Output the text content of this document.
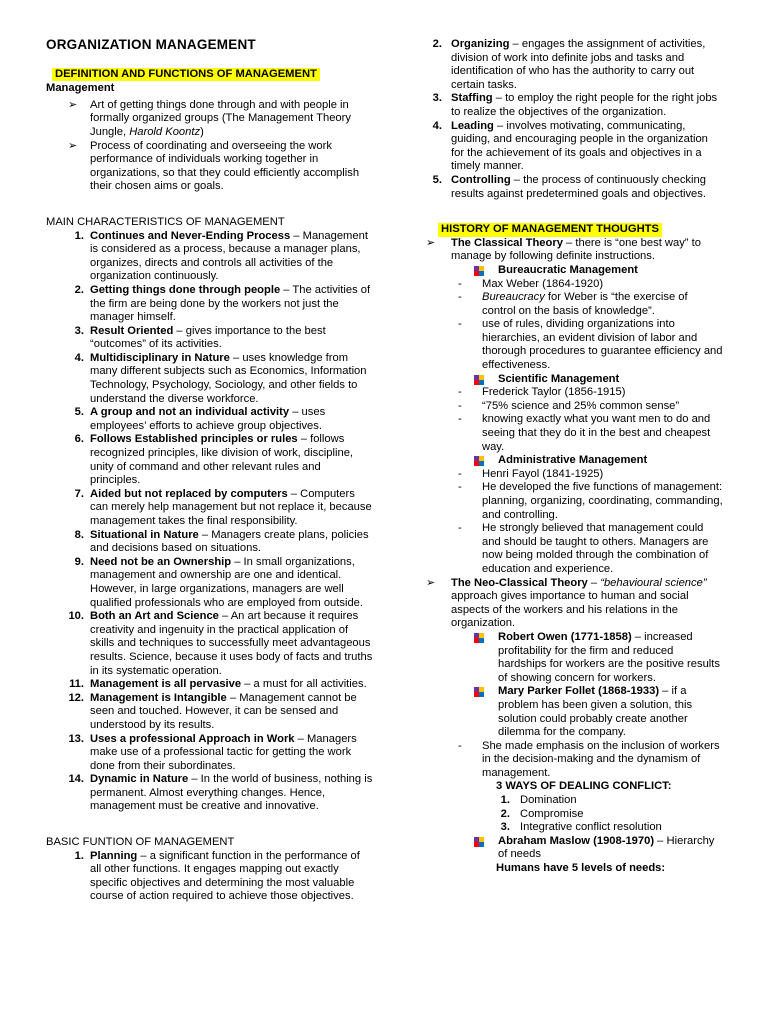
ORGANIZATION MANAGEMENT
DEFINITION AND FUNCTIONS OF MANAGEMENT
Management
➢ Art of getting things done through and with people in formally organized groups (The Management Theory Jungle, Harold Koontz)
➢ Process of coordinating and overseeing the work performance of individuals working together in organizations, so that they could efficiently accomplish their chosen aims or goals.
MAIN CHARACTERISTICS OF MANAGEMENT
1. Continues and Never-Ending Process – Management is considered as a process, because a manager plans, organizes, directs and controls all activities of the organization continuously.
2. Getting things done through people – The activities of the firm are being done by the workers not just the manager himself.
3. Result Oriented – gives importance to the best “outcomes” of its activities.
4. Multidisciplinary in Nature – uses knowledge from many different subjects such as Economics, Information Technology, Psychology, Sociology, and other fields to understand the diverse workforce.
5. A group and not an individual activity – uses employees’ efforts to achieve group objectives.
6. Follows Established principles or rules – follows recognized principles, like division of work, discipline, unity of command and other relevant rules and principles.
7. Aided but not replaced by computers – Computers can merely help management but not replace it, because management takes the final responsibility.
8. Situational in Nature – Managers create plans, policies and decisions based on situations.
9. Need not be an Ownership – In small organizations, management and ownership are one and identical. However, in large organizations, managers are well qualified professionals who are employed from outside.
10. Both an Art and Science – An art because it requires creativity and ingenuity in the practical application of skills and techniques to successfully meet advantageous results. Science, because it uses body of facts and truths in its systematic operation.
11. Management is all pervasive – a must for all activities.
12. Management is Intangible – Management cannot be seen and touched. However, it can be sensed and understood by its results.
13. Uses a professional Approach in Work – Managers make use of a professional tactic for getting the work done from their subordinates.
14. Dynamic in Nature – In the world of business, nothing is permanent. Almost everything changes. Hence, management must be creative and innovative.
BASIC FUNTION OF MANAGEMENT
1. Planning – a significant function in the performance of all other functions. It engages mapping out exactly specific objectives and determining the most valuable course of action required to achieve those objectives.
2. Organizing – engages the assignment of activities, division of work into definite jobs and tasks and identification of who has the authority to carry out certain tasks.
3. Staffing – to employ the right people for the right jobs to realize the objectives of the organization.
4. Leading – involves motivating, communicating, guiding, and encouraging people in the organization for the achievement of its goals and objectives in a timely manner.
5. Controlling – the process of continuously checking results against predetermined goals and objectives.
HISTORY OF MANAGEMENT THOUGHTS
➢ The Classical Theory – there is “one best way” to manage by following definite instructions.
Bureaucratic Management
- Max Weber (1864-1920)
- Bureaucracy for Weber is “the exercise of control on the basis of knowledge”.
- use of rules, dividing organizations into hierarchies, an evident division of labor and thorough procedures to guarantee efficiency and effectiveness.
Scientific Management
- Frederick Taylor (1856-1915)
- “75% science and 25% common sense”
- knowing exactly what you want men to do and seeing that they do it in the best and cheapest way.
Administrative Management
- Henri Fayol (1841-1925)
- He developed the five functions of management: planning, organizing, coordinating, commanding, and controlling.
- He strongly believed that management could and should be taught to others. Managers are now being molded through the combination of education and experience.
➢ The Neo-Classical Theory – “behavioural science” approach gives importance to human and social aspects of the workers and his relations in the organization.
Robert Owen (1771-1858) – increased profitability for the firm and reduced hardships for workers are the positive results of showing concern for workers.
Mary Parker Follet (1868-1933) – if a problem has been given a solution, this solution could probably create another dilemma for the company.
- She made emphasis on the inclusion of workers in the decision-making and the dynamism of management.
3 WAYS OF DEALING CONFLICT:
1. Domination
2. Compromise
3. Integrative conflict resolution
Abraham Maslow (1908-1970) – Hierarchy of needs
Humans have 5 levels of needs:
